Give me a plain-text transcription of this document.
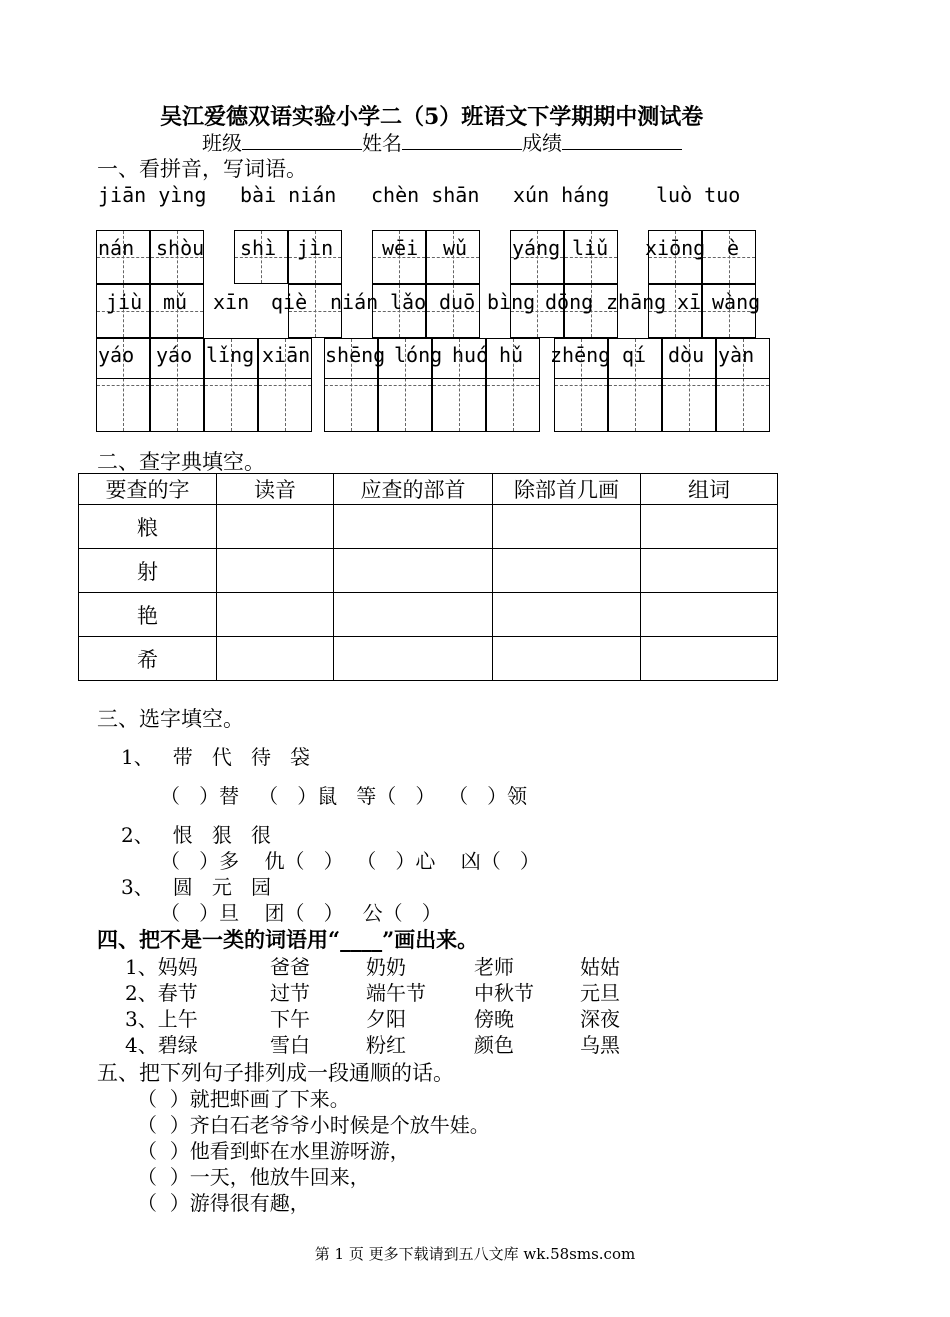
吴江爱德双语实验小学二（5）班语文下学期期中测试卷
班级	姓名	成绩
一、看拼音，写词语。
jiān yìng bài nián chèn shān xún háng luò tuo
nán shòu shì jìn wēi wǔ yáng liǔ xiōng è
jiù mǔ xīn qiè nián lǎo duō bìng dōng zhāng xī wàng
yáo yáo lǐng xiān shēng lóng huó hǔ zhēng qí dòu yàn
二、查字典填空。
要查的字	读音	应查的部首	除部首几画	组词
粮				
射				
艳				
希				
三、选字填空。
1、   带   代   待   袋
（   ）替   （   ）鼠   等（   ）  （   ）领
2、   恨   狠   很
（   ）多    仇（   ）  （   ）心    凶（   ）
3、   圆   元   园
（   ）旦    团（   ）   公（   ）
四、把不是一类的词语用“____”画出来。
1、妈妈	爸爸	奶奶	老师	姑姑
2、春节	过节	端午节 中秋节 元旦
3、上午	下午	夕阳	傍晚	深夜
4、碧绿	雪白	粉红	颜色	乌黑
五、把下列句子排列成一段通顺的话。
（  ）就把虾画了下来。
（  ）齐白石老爷爷小时候是个放牛娃。
（  ）他看到虾在水里游呀游，
（  ）一天，他放牛回来，
（  ）游得很有趣，
第 1 页 更多下载请到五八文库 wk.58sms.com
